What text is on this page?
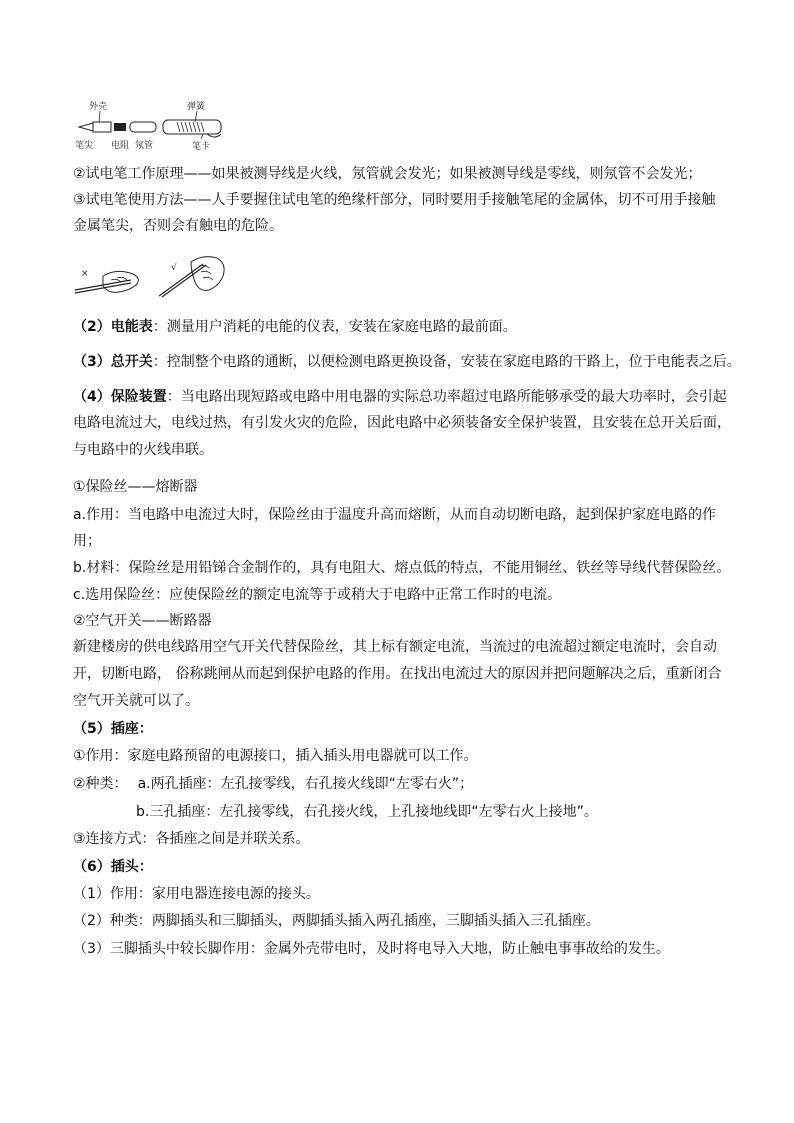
外壳	弹簧
笔尖 电阻 氖管	笔卡
②试电笔工作原理——如果被测导线是火线，氖管就会发光；如果被测导线是零线，则氖管不会发光；
③试电笔使用方法——人手要握住试电笔的绝缘杆部分，同时要用手接触笔尾的金属体，切不可用手接触
金属笔尖，否则会有触电的危险。
×
√
（2）电能表：测量用户消耗的电能的仪表，安装在家庭电路的最前面。
（3）总开关：控制整个电路的通断，以便检测电路更换设备，安装在家庭电路的干路上，位于电能表之后。
（4）保险装置：当电路出现短路或电路中用电器的实际总功率超过电路所能够承受的最大功率时，会引起
电路电流过大，电线过热，有引发火灾的危险，因此电路中必须装备安全保护装置，且安装在总开关后面，
与电路中的火线串联。
①保险丝——熔断器
a.作用：当电路中电流过大时，保险丝由于温度升高而熔断，从而自动切断电路，起到保护家庭电路的作
用；
b.材料：保险丝是用铅锑合金制作的，具有电阻大、熔点低的特点，不能用铜丝、铁丝等导线代替保险丝。
c.选用保险丝：应使保险丝的额定电流等于或稍大于电路中正常工作时的电流。
②空气开关——断路器
新建楼房的供电线路用空气开关代替保险丝，其上标有额定电流，当流过的电流超过额定电流时，会自动
开，切断电路， 俗称跳闸从而起到保护电路的作用。在找出电流过大的原因并把问题解决之后，重新闭合
空气开关就可以了。
（5）插座：
①作用：家庭电路预留的电源接口，插入插头用电器就可以工作。
②种类： a.两孔插座：左孔接零线，右孔接火线即“左零右火”；
b.三孔插座：左孔接零线，右孔接火线，上孔接地线即“左零右火上接地”。
③连接方式：各插座之间是并联关系。
（6）插头：
（1）作用：家用电器连接电源的接头。
（2）种类：两脚插头和三脚插头，两脚插头插入两孔插座，三脚插头插入三孔插座。
（3）三脚插头中较长脚作用：金属外壳带电时，及时将电导入大地，防止触电事事故给的发生。
